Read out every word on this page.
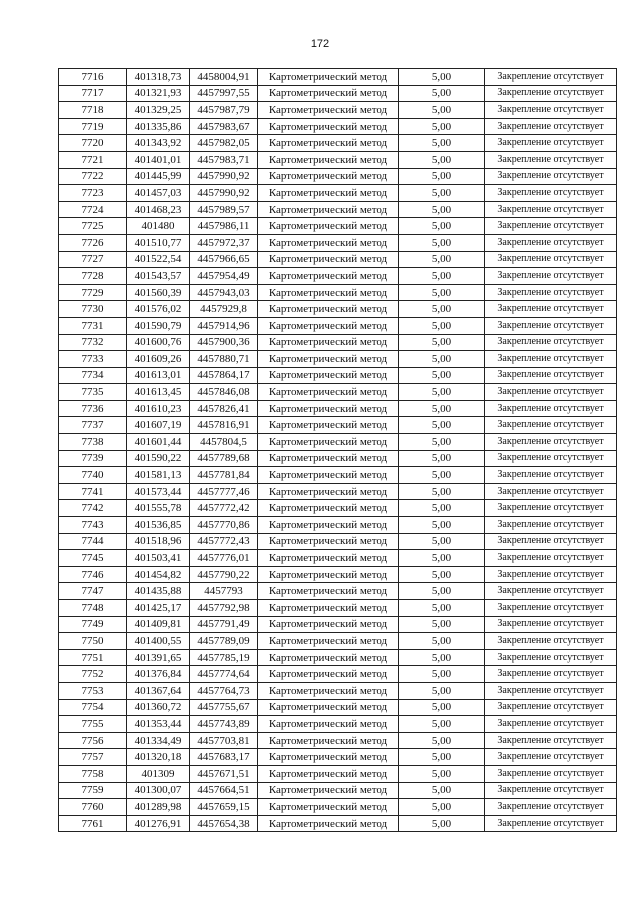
172
7716	401318,73	4458004,91	Картометрический метод	5,00	Закрепление отсутствует
7717	401321,93	4457997,55	Картометрический метод	5,00	Закрепление отсутствует
7718	401329,25	4457987,79	Картометрический метод	5,00	Закрепление отсутствует
7719	401335,86	4457983,67	Картометрический метод	5,00	Закрепление отсутствует
7720	401343,92	4457982,05	Картометрический метод	5,00	Закрепление отсутствует
7721	401401,01	4457983,71	Картометрический метод	5,00	Закрепление отсутствует
7722	401445,99	4457990,92	Картометрический метод	5,00	Закрепление отсутствует
7723	401457,03	4457990,92	Картометрический метод	5,00	Закрепление отсутствует
7724	401468,23	4457989,57	Картометрический метод	5,00	Закрепление отсутствует
7725	401480	4457986,11	Картометрический метод	5,00	Закрепление отсутствует
7726	401510,77	4457972,37	Картометрический метод	5,00	Закрепление отсутствует
7727	401522,54	4457966,65	Картометрический метод	5,00	Закрепление отсутствует
7728	401543,57	4457954,49	Картометрический метод	5,00	Закрепление отсутствует
7729	401560,39	4457943,03	Картометрический метод	5,00	Закрепление отсутствует
7730	401576,02	4457929,8	Картометрический метод	5,00	Закрепление отсутствует
7731	401590,79	4457914,96	Картометрический метод	5,00	Закрепление отсутствует
7732	401600,76	4457900,36	Картометрический метод	5,00	Закрепление отсутствует
7733	401609,26	4457880,71	Картометрический метод	5,00	Закрепление отсутствует
7734	401613,01	4457864,17	Картометрический метод	5,00	Закрепление отсутствует
7735	401613,45	4457846,08	Картометрический метод	5,00	Закрепление отсутствует
7736	401610,23	4457826,41	Картометрический метод	5,00	Закрепление отсутствует
7737	401607,19	4457816,91	Картометрический метод	5,00	Закрепление отсутствует
7738	401601,44	4457804,5	Картометрический метод	5,00	Закрепление отсутствует
7739	401590,22	4457789,68	Картометрический метод	5,00	Закрепление отсутствует
7740	401581,13	4457781,84	Картометрический метод	5,00	Закрепление отсутствует
7741	401573,44	4457777,46	Картометрический метод	5,00	Закрепление отсутствует
7742	401555,78	4457772,42	Картометрический метод	5,00	Закрепление отсутствует
7743	401536,85	4457770,86	Картометрический метод	5,00	Закрепление отсутствует
7744	401518,96	4457772,43	Картометрический метод	5,00	Закрепление отсутствует
7745	401503,41	4457776,01	Картометрический метод	5,00	Закрепление отсутствует
7746	401454,82	4457790,22	Картометрический метод	5,00	Закрепление отсутствует
7747	401435,88	4457793	Картометрический метод	5,00	Закрепление отсутствует
7748	401425,17	4457792,98	Картометрический метод	5,00	Закрепление отсутствует
7749	401409,81	4457791,49	Картометрический метод	5,00	Закрепление отсутствует
7750	401400,55	4457789,09	Картометрический метод	5,00	Закрепление отсутствует
7751	401391,65	4457785,19	Картометрический метод	5,00	Закрепление отсутствует
7752	401376,84	4457774,64	Картометрический метод	5,00	Закрепление отсутствует
7753	401367,64	4457764,73	Картометрический метод	5,00	Закрепление отсутствует
7754	401360,72	4457755,67	Картометрический метод	5,00	Закрепление отсутствует
7755	401353,44	4457743,89	Картометрический метод	5,00	Закрепление отсутствует
7756	401334,49	4457703,81	Картометрический метод	5,00	Закрепление отсутствует
7757	401320,18	4457683,17	Картометрический метод	5,00	Закрепление отсутствует
7758	401309	4457671,51	Картометрический метод	5,00	Закрепление отсутствует
7759	401300,07	4457664,51	Картометрический метод	5,00	Закрепление отсутствует
7760	401289,98	4457659,15	Картометрический метод	5,00	Закрепление отсутствует
7761	401276,91	4457654,38	Картометрический метод	5,00	Закрепление отсутствует
